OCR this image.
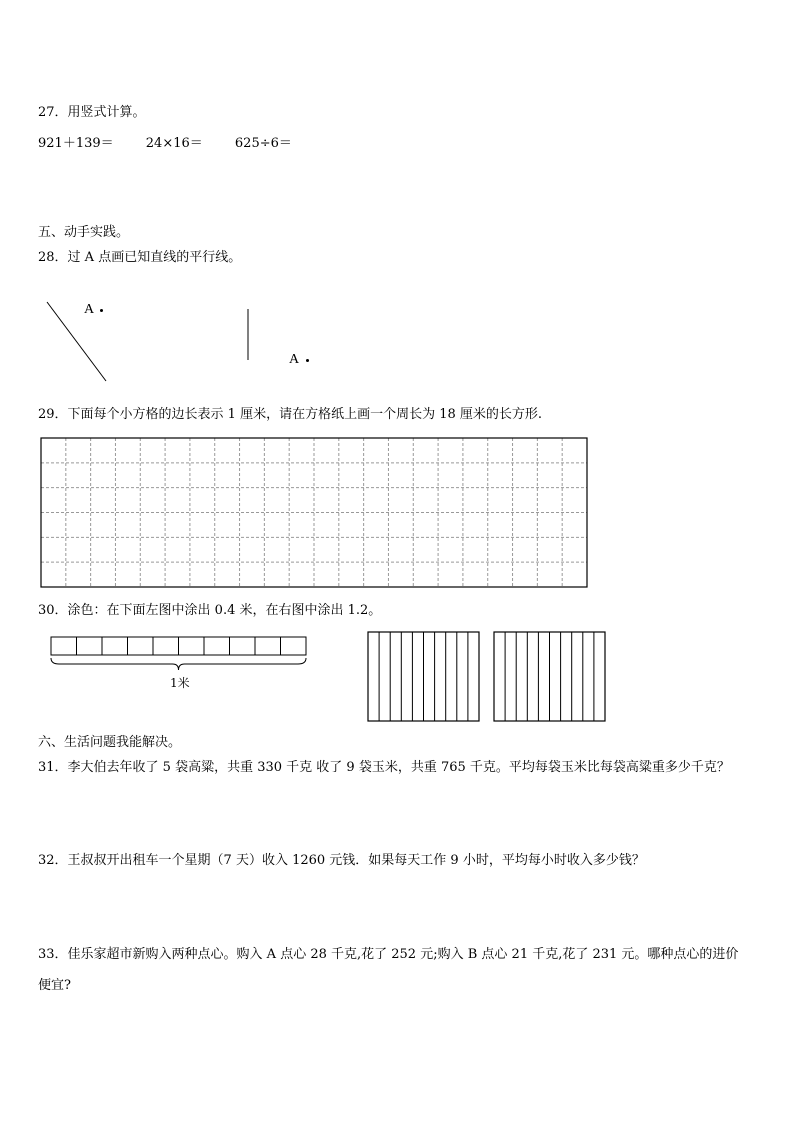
27．用竖式计算。
921＋139＝ 24×16＝ 625÷6＝
五、动手实践。
28．过 A 点画已知直线的平行线。
A
A
29．下面每个小方格的边长表示 1 厘米，请在方格纸上画一个周长为 18 厘米的长方形.
30．涂色：在下面左图中涂出 0.4 米，在右图中涂出 1.2。
1米
六、生活问题我能解决。
31．李大伯去年收了 5 袋高粱，共重 330 千克 收了 9 袋玉米，共重 765 千克。平均每袋玉米比每袋高粱重多少千克？
32．王叔叔开出租车一个星期（7 天）收入 1260 元钱．如果每天工作 9 小时，平均每小时收入多少钱？
33．佳乐家超市新购入两种点心。购入 A 点心 28 千克,花了 252 元;购入 B 点心 21 千克,花了 231 元。哪种点心的进价
便宜?
